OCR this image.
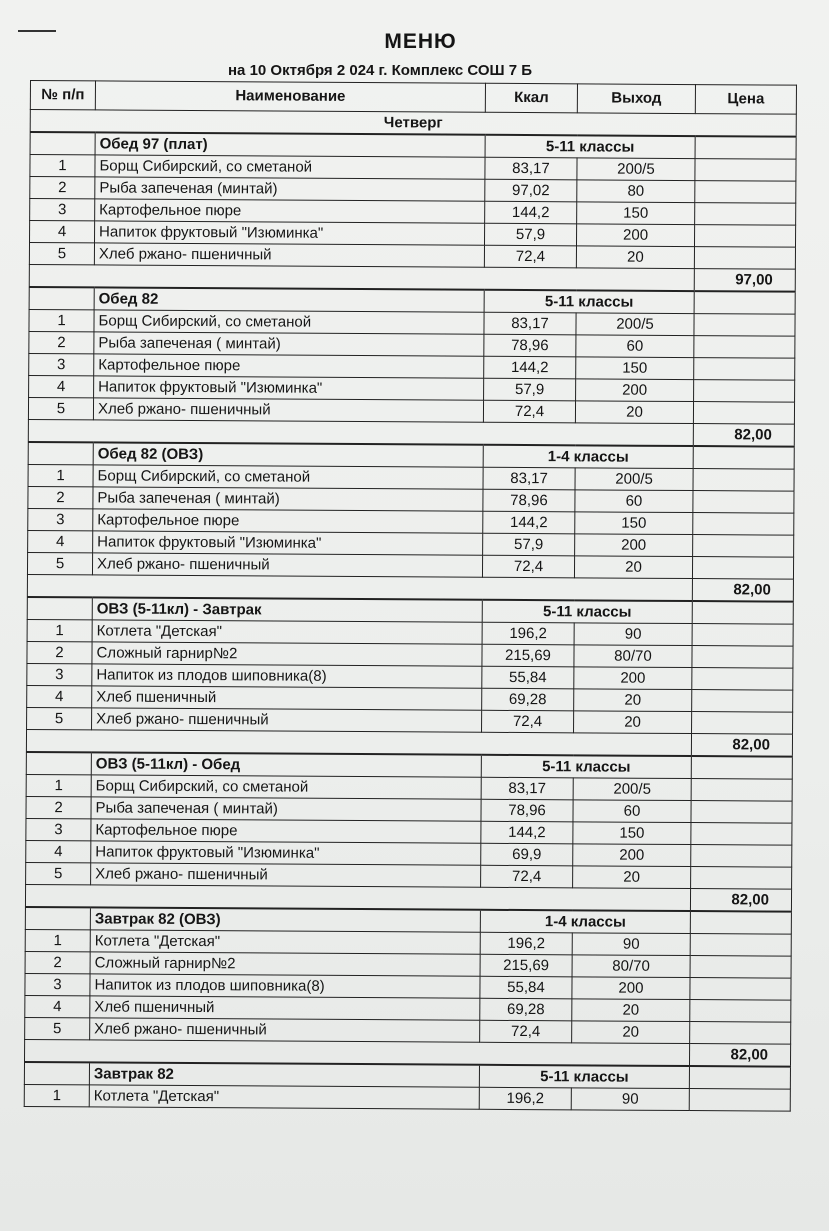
МЕНЮ
на 10 Октября 2 024 г. Комплекс СОШ 7 Б
№ п/п	Наименование	Ккал	Выход	Цена
Четверг				
	Обед 97 (плат)	5-11 классы		
1	Борщ Сибирский, со сметаной	83,17	200/5	
2	Рыба запеченая (минтай)	97,02	80	
3	Картофельное пюре	144,2	150	
4	Напиток фруктовый "Изюминка"	57,9	200	
5	Хлеб ржано- пшеничный	72,4	20	
				97,00
	Обед 82	5-11 классы		
1	Борщ Сибирский, со сметаной	83,17	200/5	
2	Рыба запеченая ( минтай)	78,96	60	
3	Картофельное пюре	144,2	150	
4	Напиток фруктовый "Изюминка"	57,9	200	
5	Хлеб ржано- пшеничный	72,4	20	
				82,00
	Обед 82 (ОВЗ)	1-4 классы		
1	Борщ Сибирский, со сметаной	83,17	200/5	
2	Рыба запеченая ( минтай)	78,96	60	
3	Картофельное пюре	144,2	150	
4	Напиток фруктовый "Изюминка"	57,9	200	
5	Хлеб ржано- пшеничный	72,4	20	
				82,00
	ОВЗ (5-11кл) - Завтрак	5-11 классы		
1	Котлета "Детская"	196,2	90	
2	Сложный гарнир№2	215,69	80/70	
3	Напиток из плодов шиповника(8)	55,84	200	
4	Хлеб пшеничный	69,28	20	
5	Хлеб ржано- пшеничный	72,4	20	
				82,00
	ОВЗ (5-11кл) - Обед	5-11 классы		
1	Борщ Сибирский, со сметаной	83,17	200/5	
2	Рыба запеченая ( минтай)	78,96	60	
3	Картофельное пюре	144,2	150	
4	Напиток фруктовый "Изюминка"	69,9	200	
5	Хлеб ржано- пшеничный	72,4	20	
				82,00
	Завтрак 82 (ОВЗ)	1-4 классы		
1	Котлета "Детская"	196,2	90	
2	Сложный гарнир№2	215,69	80/70	
3	Напиток из плодов шиповника(8)	55,84	200	
4	Хлеб пшеничный	69,28	20	
5	Хлеб ржано- пшеничный	72,4	20	
				82,00
	Завтрак 82	5-11 классы		
1	Котлета "Детская"	196,2	90	
